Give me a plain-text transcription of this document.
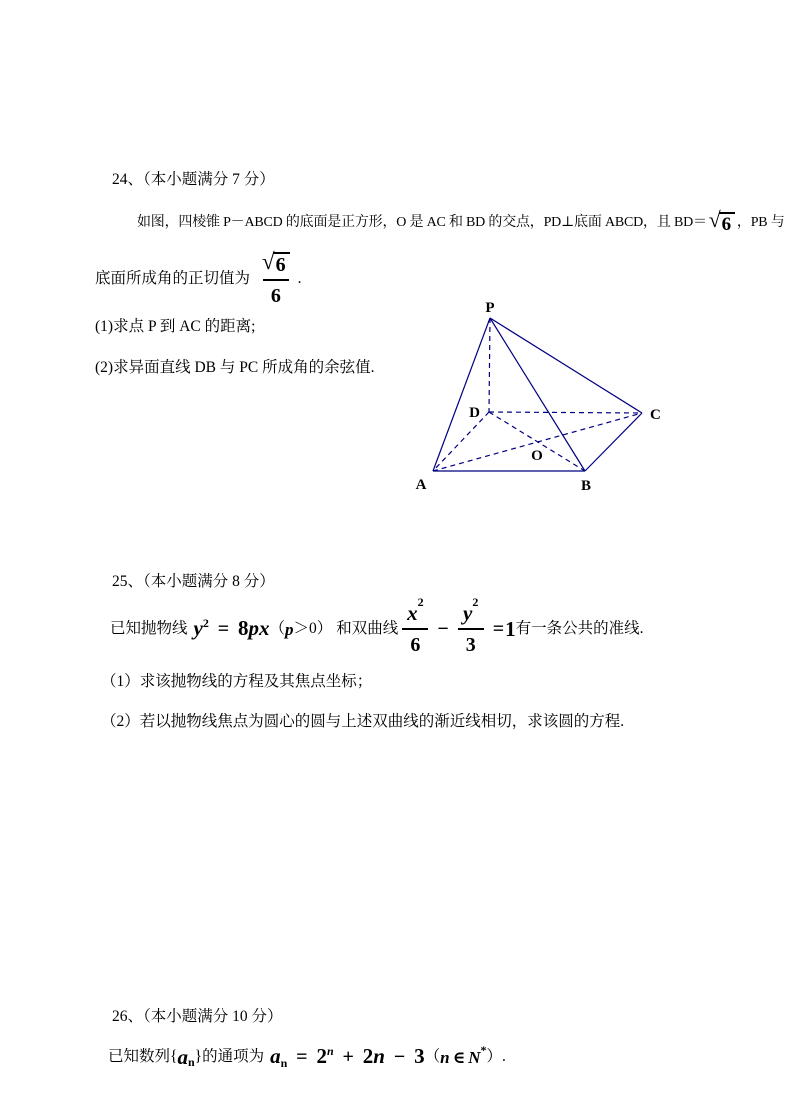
24、（本小题满分 7 分）
如图，四棱锥 P－ABCD 的底面是正方形，O 是 AC 和 BD 的交点，PD⊥底面 ABCD，且 BD＝ √ 6 ，PB 与
底面所成角的正切值为 $\frac{√ 6}{6}$ .
(1)求点 P 到 AC 的距离;
(2)求异面直线 DB 与 PC 所成角的余弦值.
P
A	B
C
D
O
25、（本小题满分 8 分）
已知抛物线 $y^2 = 8px$ （ p ＞0 ） 和双曲线 $\frac{x 2}{6} - \frac{y 2}{3} = 1$ 有一条公共的准线.
（1）求该抛物线的方程及其焦点坐标；
（2）若以抛物线焦点为圆心的圆与上述双曲线的渐近线相切，求该圆的方程.
26、（本小题满分 10 分）
已知数列{ a n }的通项为 $a_n = 2^n + 2n - 3$ （ n ∈ N * ）.
